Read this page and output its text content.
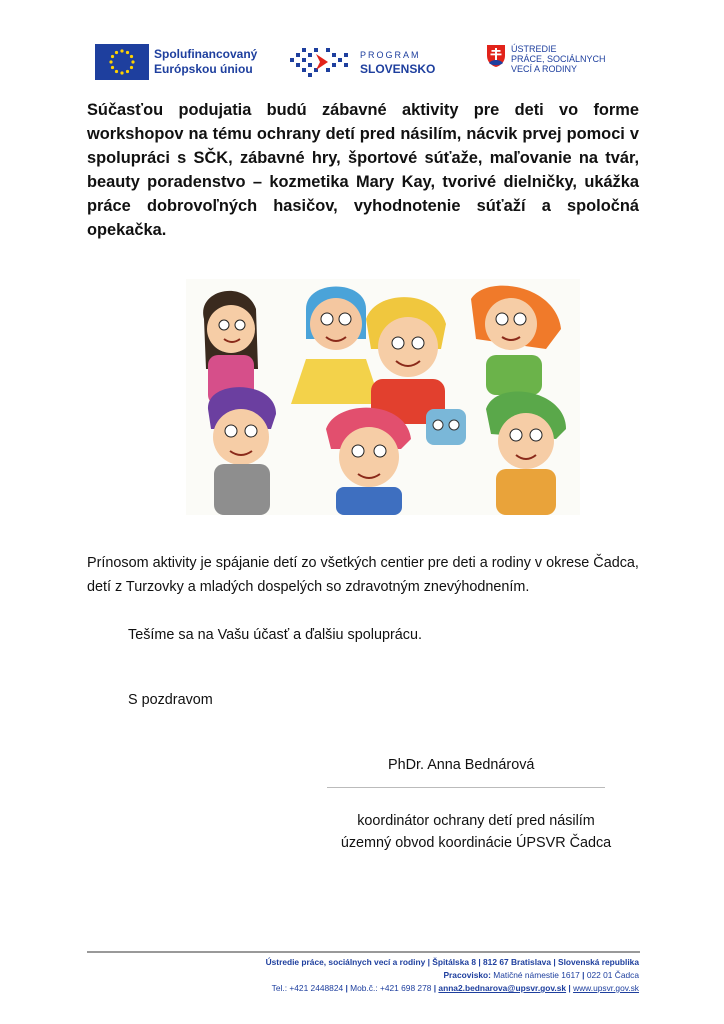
Spolufinancovaný
Európskou úniou
PROGRAM
SLOVENSKO
ÚSTREDIE
PRÁCE, SOCIÁLNYCH
VECÍ A RODINY

Súčasťou podujatia budú zábavné aktivity pre deti vo forme workshopov na tému ochrany detí pred násilím, nácvik prvej pomoci v spolupráci s SČK, zábavné hry, športové súťaže, maľovanie na tvár, beauty poradenstvo – kozmetika Mary Kay, tvorivé dielničky, ukážka práce dobrovoľných hasičov, vyhodnotenie súťaží a spoločná opekačka.

Prínosom aktivity je spájanie detí zo všetkých centier pre deti a rodiny v okrese Čadca, detí z Turzovky a mladých dospelých so zdravotným znevýhodnením.

Tešíme sa na Vašu účasť a ďalšiu spoluprácu.

S pozdravom

PhDr. Anna Bednárová

koordinátor ochrany detí pred násilím
územný obvod koordinácie ÚPSVR Čadca
Ústredie práce, sociálnych vecí a rodiny | Špitálska 8 | 812 67 Bratislava | Slovenská republika
Pracovisko: Matičné námestie 1617 | 022 01 Čadca
Tel.: +421 2448824 | Mob.č.: +421 698 278 | anna2.bednarova@upsvr.gov.sk | www.upsvr.gov.sk
